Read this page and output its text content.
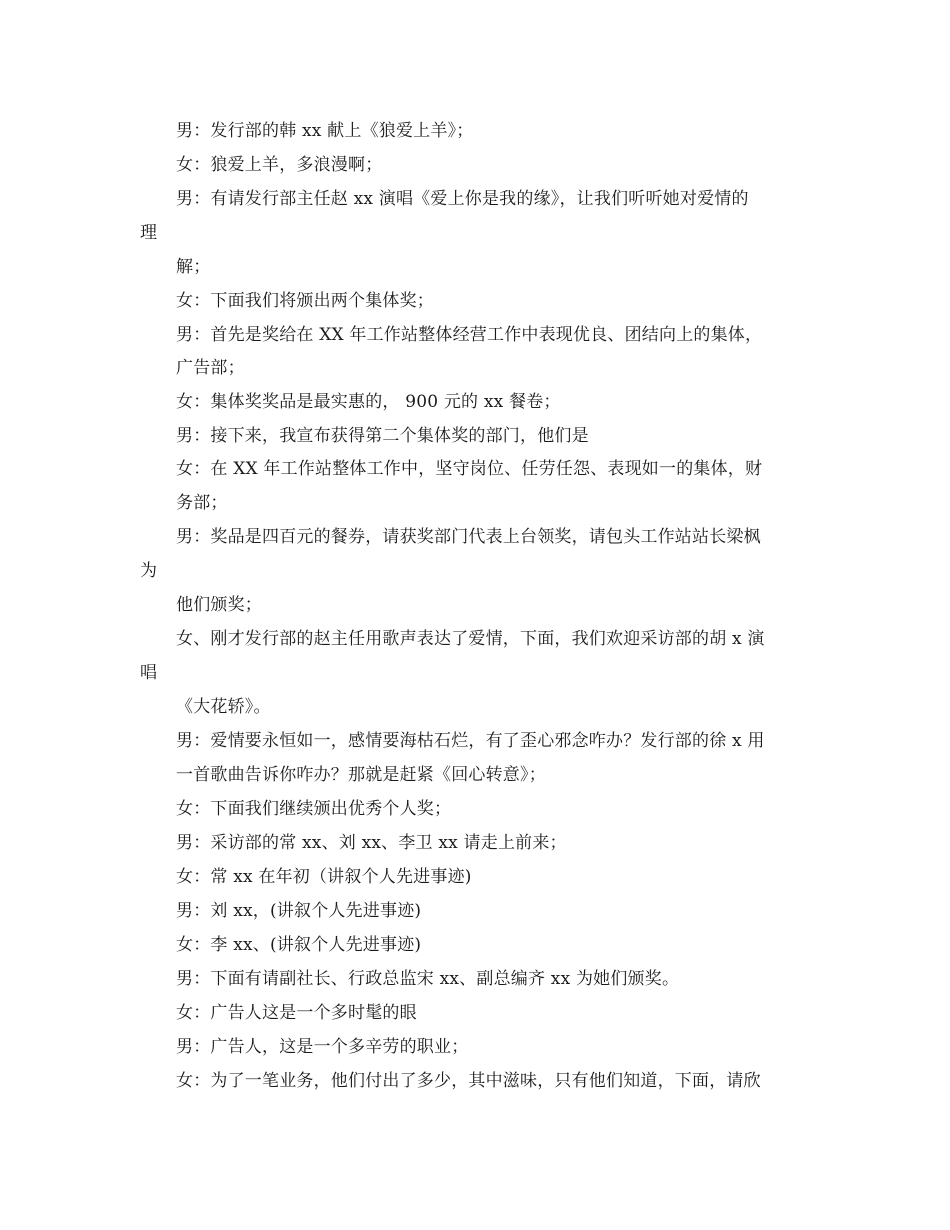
男：发行部的韩 xx 献上《狼爱上羊》；
女：狼爱上羊，多浪漫啊；
男：有请发行部主任赵 xx 演唱《爱上你是我的缘》，让我们听听她对爱情的
理
解；
女：下面我们将颁出两个集体奖；
男：首先是奖给在 XX 年工作站整体经营工作中表现优良、团结向上的集体，
广告部；
女：集体奖奖品是最实惠的， 900 元的 xx 餐卷；
男：接下来，我宣布获得第二个集体奖的部门，他们是
女：在 XX 年工作站整体工作中，坚守岗位、任劳任怨、表现如一的集体，财
务部；
男：奖品是四百元的餐券，请获奖部门代表上台领奖，请包头工作站站长梁枫
为
他们颁奖；
女、刚才发行部的赵主任用歌声表达了爱情，下面，我们欢迎采访部的胡 x 演
唱
《大花轿》。
男：爱情要永恒如一，感情要海枯石烂，有了歪心邪念咋办？发行部的徐 x 用
一首歌曲告诉你咋办？那就是赶紧《回心转意》；
女：下面我们继续颁出优秀个人奖；
男：采访部的常 xx、刘 xx、李卫 xx 请走上前来；
女：常 xx 在年初（讲叙个人先进事迹)
男：刘 xx，(讲叙个人先进事迹)
女：李 xx、(讲叙个人先进事迹)
男：下面有请副社长、行政总监宋 xx、副总编齐 xx 为她们颁奖。
女：广告人这是一个多时髦的眼
男：广告人，这是一个多辛劳的职业；
女：为了一笔业务，他们付出了多少，其中滋味，只有他们知道，下面，请欣
